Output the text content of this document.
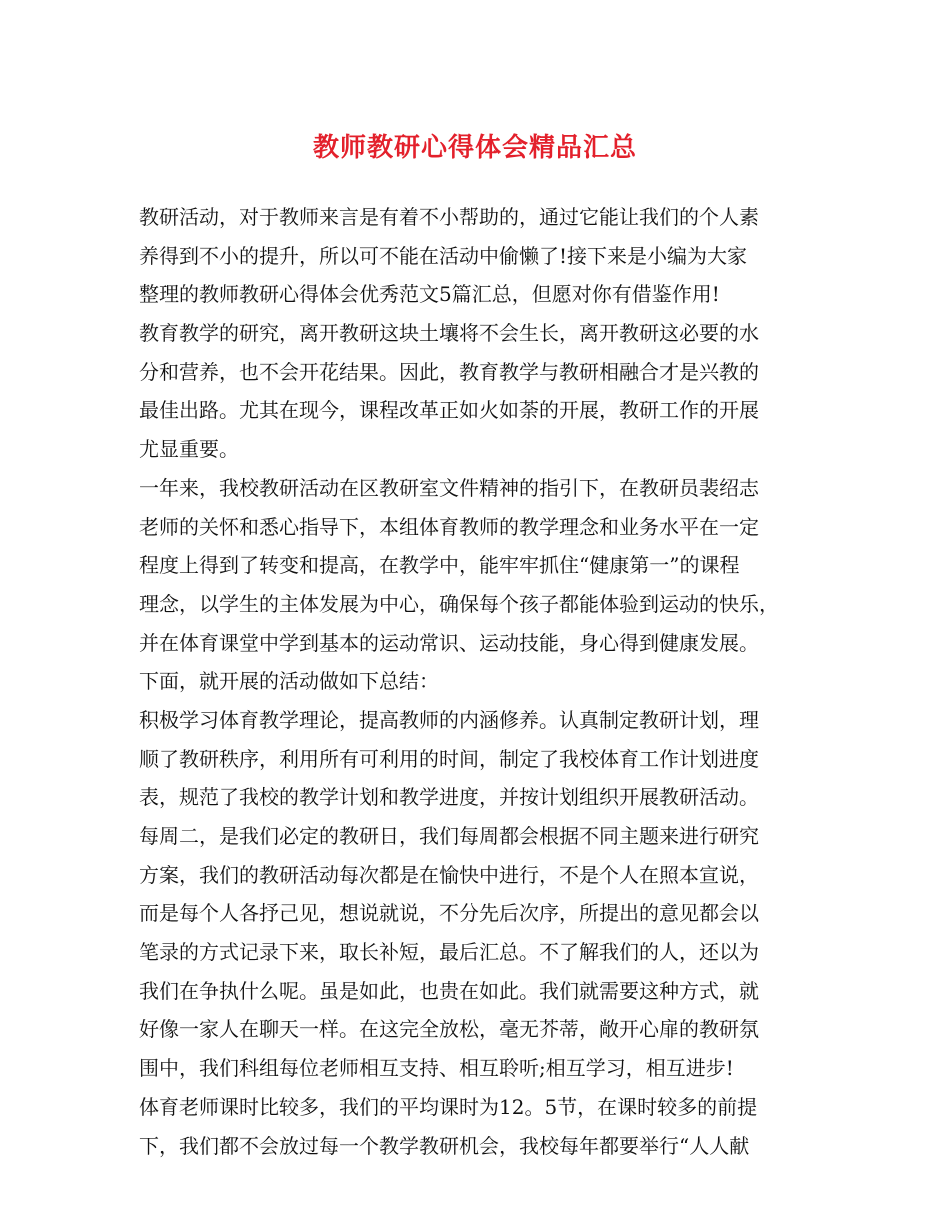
教师教研心得体会精品汇总
教研活动，对于教师来言是有着不小帮助的，通过它能让我们的个人素
养得到不小的提升，所以可不能在活动中偷懒了!接下来是小编为大家
整理的教师教研心得体会优秀范文5篇汇总，但愿对你有借鉴作用!
教育教学的研究，离开教研这块土壤将不会生长，离开教研这必要的水
分和营养，也不会开花结果。因此，教育教学与教研相融合才是兴教的
最佳出路。尤其在现今，课程改革正如火如荼的开展，教研工作的开展
尤显重要。
一年来，我校教研活动在区教研室文件精神的指引下，在教研员裴绍志
老师的关怀和悉心指导下，本组体育教师的教学理念和业务水平在一定
程度上得到了转变和提高，在教学中，能牢牢抓住“健康第一”的课程
理念，以学生的主体发展为中心，确保每个孩子都能体验到运动的快乐，
并在体育课堂中学到基本的运动常识、运动技能，身心得到健康发展。
下面，就开展的活动做如下总结：
积极学习体育教学理论，提高教师的内涵修养。认真制定教研计划，理
顺了教研秩序，利用所有可利用的时间，制定了我校体育工作计划进度
表，规范了我校的教学计划和教学进度，并按计划组织开展教研活动。
每周二，是我们必定的教研日，我们每周都会根据不同主题来进行研究
方案，我们的教研活动每次都是在愉快中进行，不是个人在照本宣说，
而是每个人各抒己见，想说就说，不分先后次序，所提出的意见都会以
笔录的方式记录下来，取长补短，最后汇总。不了解我们的人，还以为
我们在争执什么呢。虽是如此，也贵在如此。我们就需要这种方式，就
好像一家人在聊天一样。在这完全放松，毫无芥蒂，敞开心扉的教研氛
围中，我们科组每位老师相互支持、相互聆听;相互学习，相互进步!
体育老师课时比较多，我们的平均课时为12。5节，在课时较多的前提
下，我们都不会放过每一个教学教研机会，我校每年都要举行“人人献
